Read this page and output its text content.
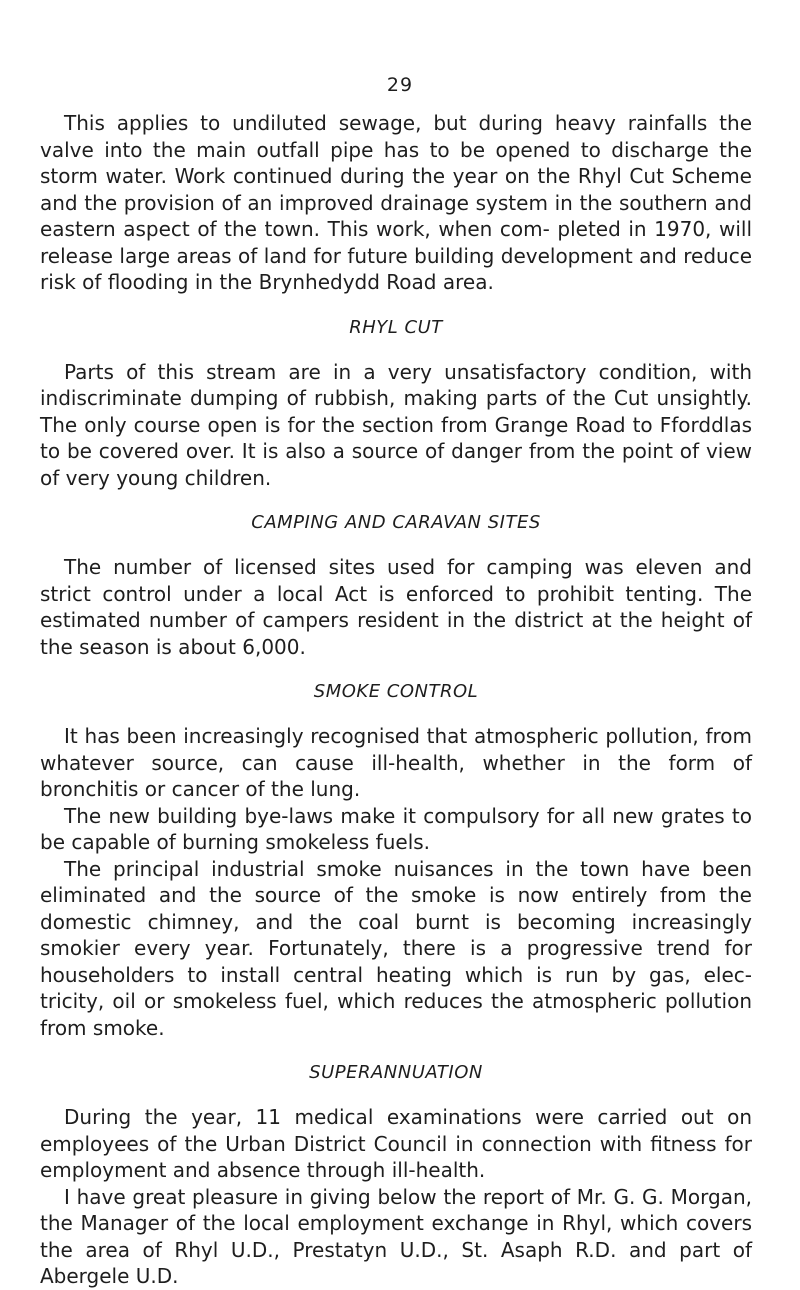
29

This applies to undiluted sewage, but during heavy rainfalls the valve into the main outfall pipe has to be opened to discharge the storm water. Work continued during the year on the Rhyl Cut Scheme and the provision of an improved drainage system in the southern and eastern aspect of the town. This work, when com- pleted in 1970, will release large areas of land for future building development and reduce risk of flooding in the Brynhedydd Road area.

RHYL CUT

Parts of this stream are in a very unsatisfactory condition, with indiscriminate dumping of rubbish, making parts of the Cut unsightly. The only course open is for the section from Grange Road to Fforddlas to be covered over. It is also a source of danger from the point of view of very young children.

CAMPING AND CARAVAN SITES

The number of licensed sites used for camping was eleven and strict control under a local Act is enforced to prohibit tenting. The estimated number of campers resident in the district at the height of the season is about 6,000.

SMOKE CONTROL

It has been increasingly recognised that atmospheric pollution, from whatever source, can cause ill-health, whether in the form of bronchitis or cancer of the lung.

The new building bye-laws make it compulsory for all new grates to be capable of burning smokeless fuels.

The principal industrial smoke nuisances in the town have been eliminated and the source of the smoke is now entirely from the domestic chimney, and the coal burnt is becoming increasingly smokier every year. Fortunately, there is a progressive trend for householders to install central heating which is run by gas, elec- tricity, oil or smokeless fuel, which reduces the atmospheric pollution from smoke.

SUPERANNUATION

During the year, 11 medical examinations were carried out on employees of the Urban District Council in connection with fitness for employment and absence through ill-health.

I have great pleasure in giving below the report of Mr. G. G. Morgan, the Manager of the local employment exchange in Rhyl, which covers the area of Rhyl U.D., Prestatyn U.D., St. Asaph R.D. and part of Abergele U.D.
